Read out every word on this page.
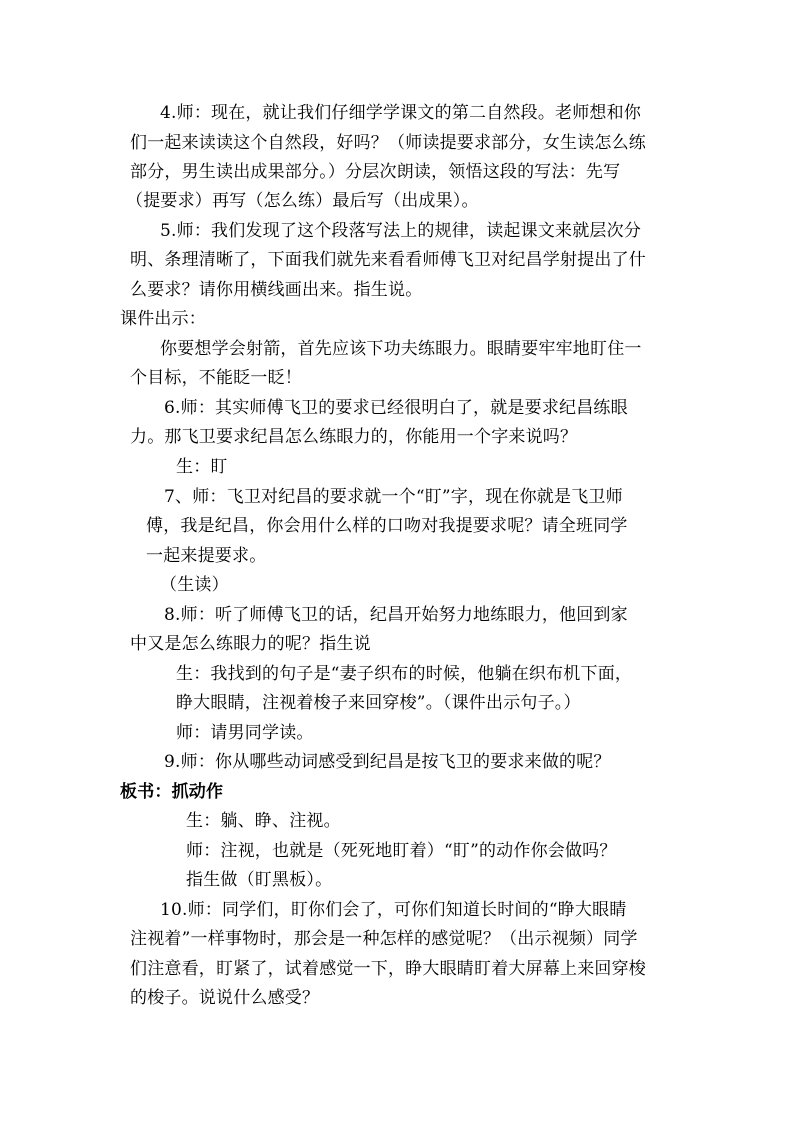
4.师：现在，就让我们仔细学学课文的第二自然段。老师想和你
们一起来读读这个自然段，好吗？（师读提要求部分，女生读怎么练
部分，男生读出成果部分。）分层次朗读，领悟这段的写法：先写
（提要求）再写（怎么练）最后写（出成果）。
5.师：我们发现了这个段落写法上的规律，读起课文来就层次分
明、条理清晰了，下面我们就先来看看师傅飞卫对纪昌学射提出了什
么要求？请你用横线画出来。指生说。
课件出示：
你要想学会射箭，首先应该下功夫练眼力。眼睛要牢牢地盯住一
个目标，不能眨一眨！
6.师：其实师傅飞卫的要求已经很明白了，就是要求纪昌练眼
力。那飞卫要求纪昌怎么练眼力的，你能用一个字来说吗？
生：盯
7、师：飞卫对纪昌的要求就一个“盯”字，现在你就是飞卫师
傅，我是纪昌，你会用什么样的口吻对我提要求呢？请全班同学
一起来提要求。
（生读）
8.师：听了师傅飞卫的话，纪昌开始努力地练眼力，他回到家
中又是怎么练眼力的呢？指生说
生：我找到的句子是“妻子织布的时候，他躺在织布机下面，
睁大眼睛，注视着梭子来回穿梭”。（课件出示句子。）
师：请男同学读。
9.师：你从哪些动词感受到纪昌是按飞卫的要求来做的呢？
板书：抓动作
生：躺、睁、注视。
师：注视，也就是（死死地盯着）“盯”的动作你会做吗？
指生做（盯黑板）。
10.师：同学们，盯你们会了，可你们知道长时间的“睁大眼睛
注视着”一样事物时，那会是一种怎样的感觉呢？（出示视频）同学
们注意看，盯紧了，试着感觉一下，睁大眼睛盯着大屏幕上来回穿梭
的梭子。说说什么感受？
